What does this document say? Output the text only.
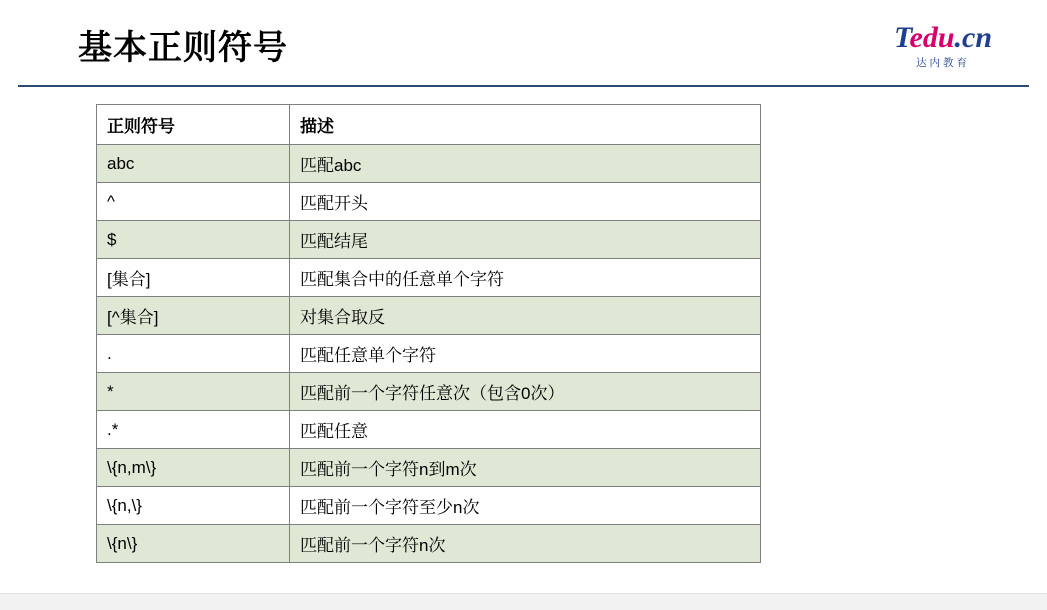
基本正则符号	Tedu.cn
达内教育
正则符号	描述
abc	匹配abc
^	匹配开头
$	匹配结尾
[集合]	匹配集合中的任意单个字符
[^集合]	对集合取反
.	匹配任意单个字符
*	匹配前一个字符任意次（包含0次）
.*	匹配任意
\{n,m\}	匹配前一个字符n到m次
\{n,\}	匹配前一个字符至少n次
\{n\}	匹配前一个字符n次
